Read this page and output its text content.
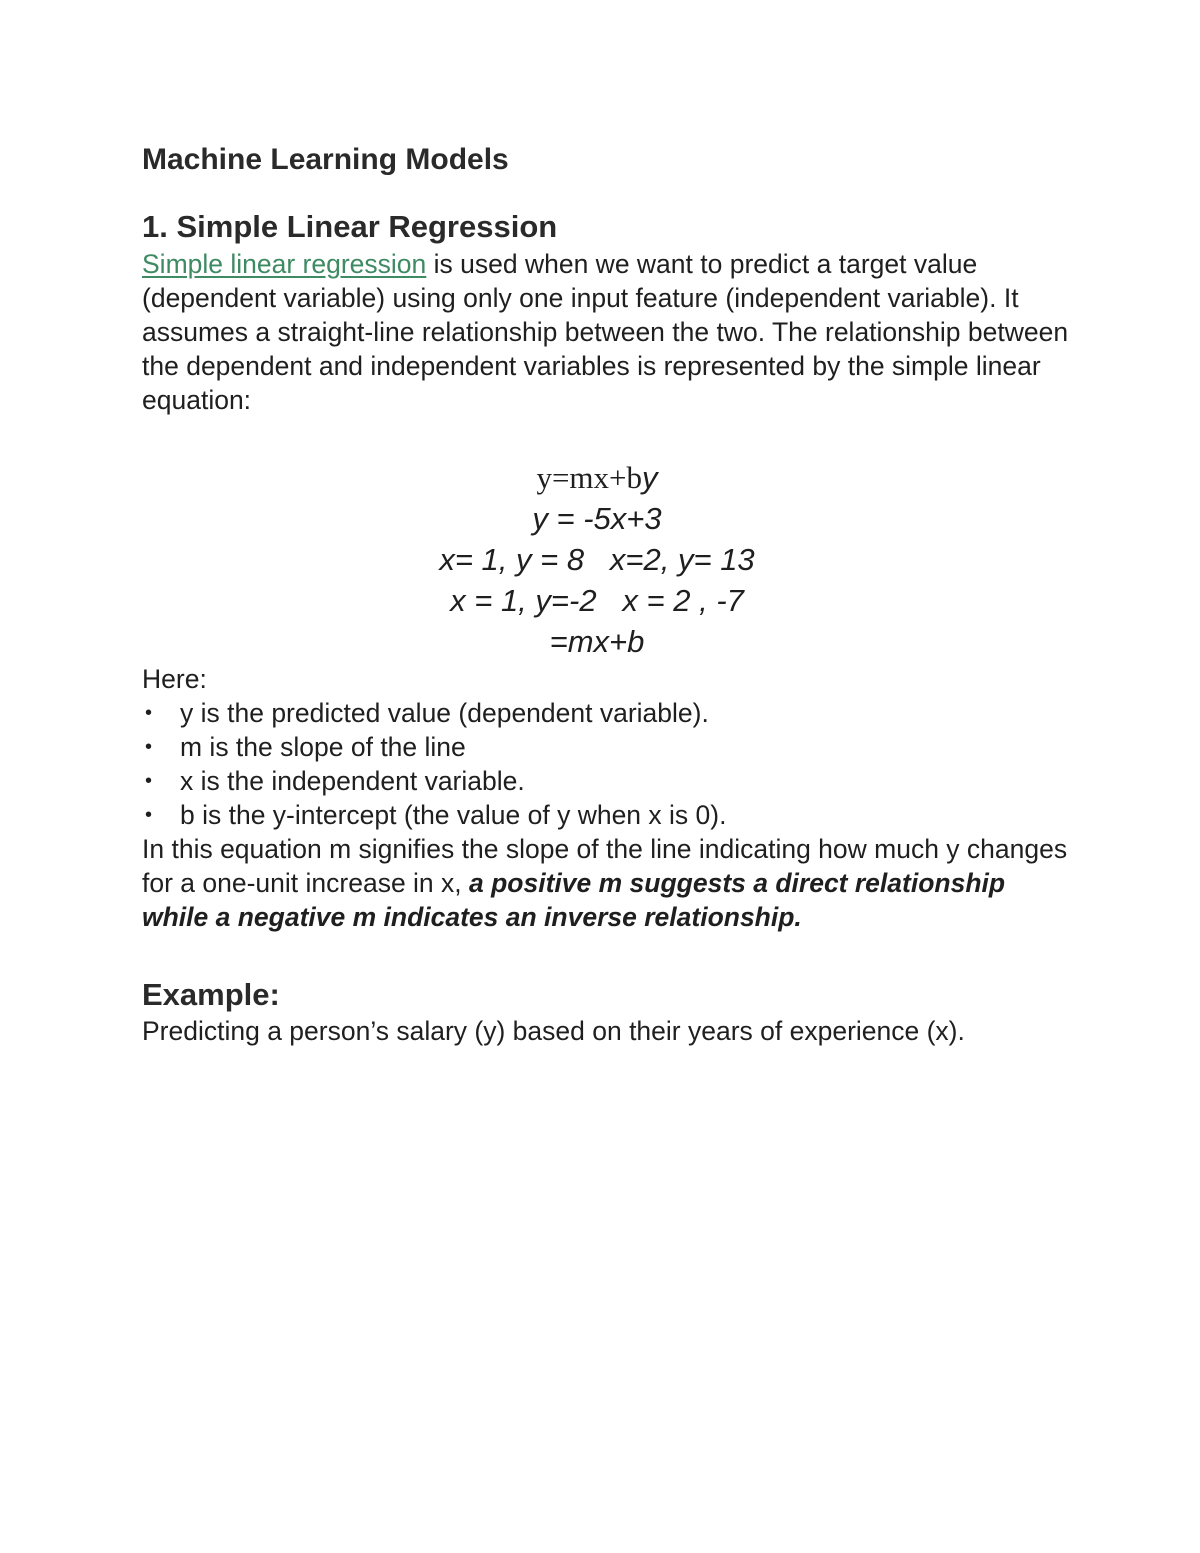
Machine Learning Models
1. Simple Linear Regression

Simple linear regression is used when we want to predict a target value (dependent variable) using only one input feature (independent variable). It assumes a straight-line relationship between the two. The relationship between the dependent and independent variables is represented by the simple linear equation:

y=mx+by

y = -5x+3

x= 1, y = 8   x=2, y= 13

x = 1, y=-2   x = 2 , -7

=mx+b

Here:

• y is the predicted value (dependent variable).
• m is the slope of the line
• x is the independent variable.
• b is the y-intercept (the value of y when x is 0).

In this equation m signifies the slope of the line indicating how much y changes for a one-unit increase in x, a positive m suggests a direct relationship while a negative m indicates an inverse relationship.

Example:

Predicting a person’s salary (y) based on their years of experience (x).
